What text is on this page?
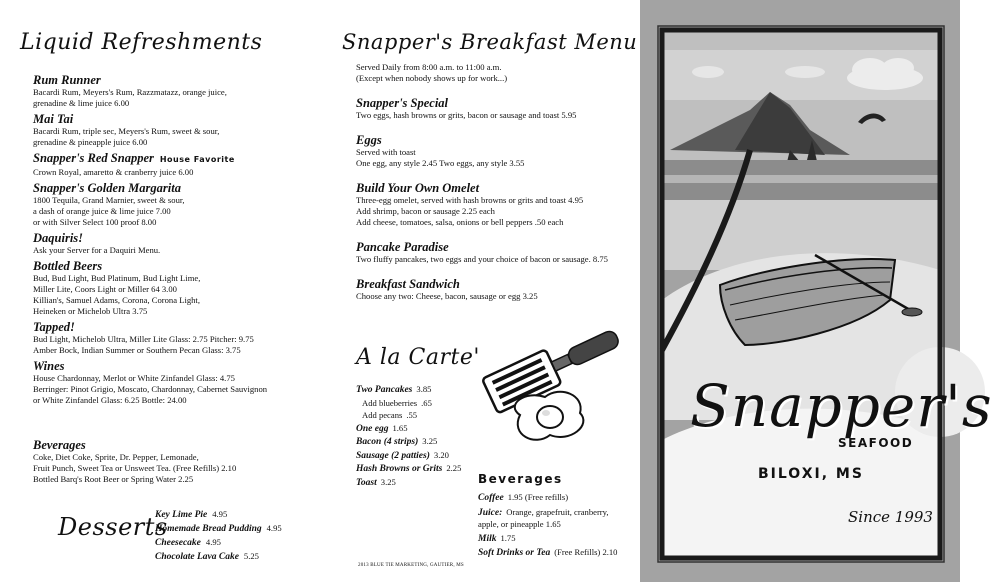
Liquid Refreshments
Rum Runner
Bacardi Rum, Meyers's Rum, Razzmatazz, orange juice,
grenadine & lime juice 6.00
Mai Tai
Bacardi Rum, triple sec, Meyers's Rum, sweet & sour,
grenadine & pineapple juice 6.00
Snapper's Red Snapper House Favorite
Crown Royal, amaretto & cranberry juice 6.00
Snapper's Golden Margarita
1800 Tequila, Grand Marnier, sweet & sour,
a dash of orange juice & lime juice 7.00
or with Silver Select 100 proof 8.00
Daquiris!
Ask your Server for a Daquiri Menu.
Bottled Beers
Bud, Bud Light, Bud Platinum, Bud Light Lime,
Miller Lite, Coors Light or Miller 64 3.00
Killian's, Samuel Adams, Corona, Corona Light,
Heineken or Michelob Ultra 3.75
Tapped!
Bud Light, Michelob Ultra, Miller Lite Glass: 2.75 Pitcher: 9.75
Amber Bock, Indian Summer or Southern Pecan Glass: 3.75
Wines
House Chardonnay, Merlot or White Zinfandel Glass: 4.75
Berringer: Pinot Grigio, Moscato, Chardonnay, Cabernet Sauvignon
or White Zinfandel Glass: 6.25 Bottle: 24.00
Beverages
Coke, Diet Coke, Sprite, Dr. Pepper, Lemonade,
Fruit Punch, Sweet Tea or Unsweet Tea. (Free Refills) 2.10
Bottled Barq's Root Beer or Spring Water 2.25
Desserts
Key Lime Pie 4.95
Homemade Bread Pudding 4.95
Cheesecake 4.95
Chocolate Lava Cake 5.25
Snapper's Breakfast Menu
Served Daily from 8:00 a.m. to 11:00 a.m.
(Except when nobody shows up for work...)
Snapper's Special
Two eggs, hash browns or grits, bacon or sausage and toast 5.95
Eggs
Served with toast
One egg, any style 2.45 Two eggs, any style 3.55
Build Your Own Omelet
Three-egg omelet, served with hash browns or grits and toast 4.95
Add shrimp, bacon or sausage 2.25 each
Add cheese, tomatoes, salsa, onions or bell peppers .50 each
Pancake Paradise
Two fluffy pancakes, two eggs and your choice of bacon or sausage. 8.75
Breakfast Sandwich
Choose any two: Cheese, bacon, sausage or egg 3.25
A la Carte'
Two Pancakes 3.85
Add blueberries .65
Add pecans .55
One egg 1.65
Bacon (4 strips) 3.25
Sausage (2 patties) 3.20
Hash Browns or Grits 2.25
Toast 3.25	Beverages
Coffee 1.95 (Free refills)
Juice: Orange, grapefruit, cranberry,
apple, or pineapple 1.65
Milk 1.75
Soft Drinks or Tea (Free Refills) 2.10
2013 BLUE TIE MARKETING, GAUTIER, MS
Snapper's
SEAFOOD
BILOXI, MS
Since 1993
